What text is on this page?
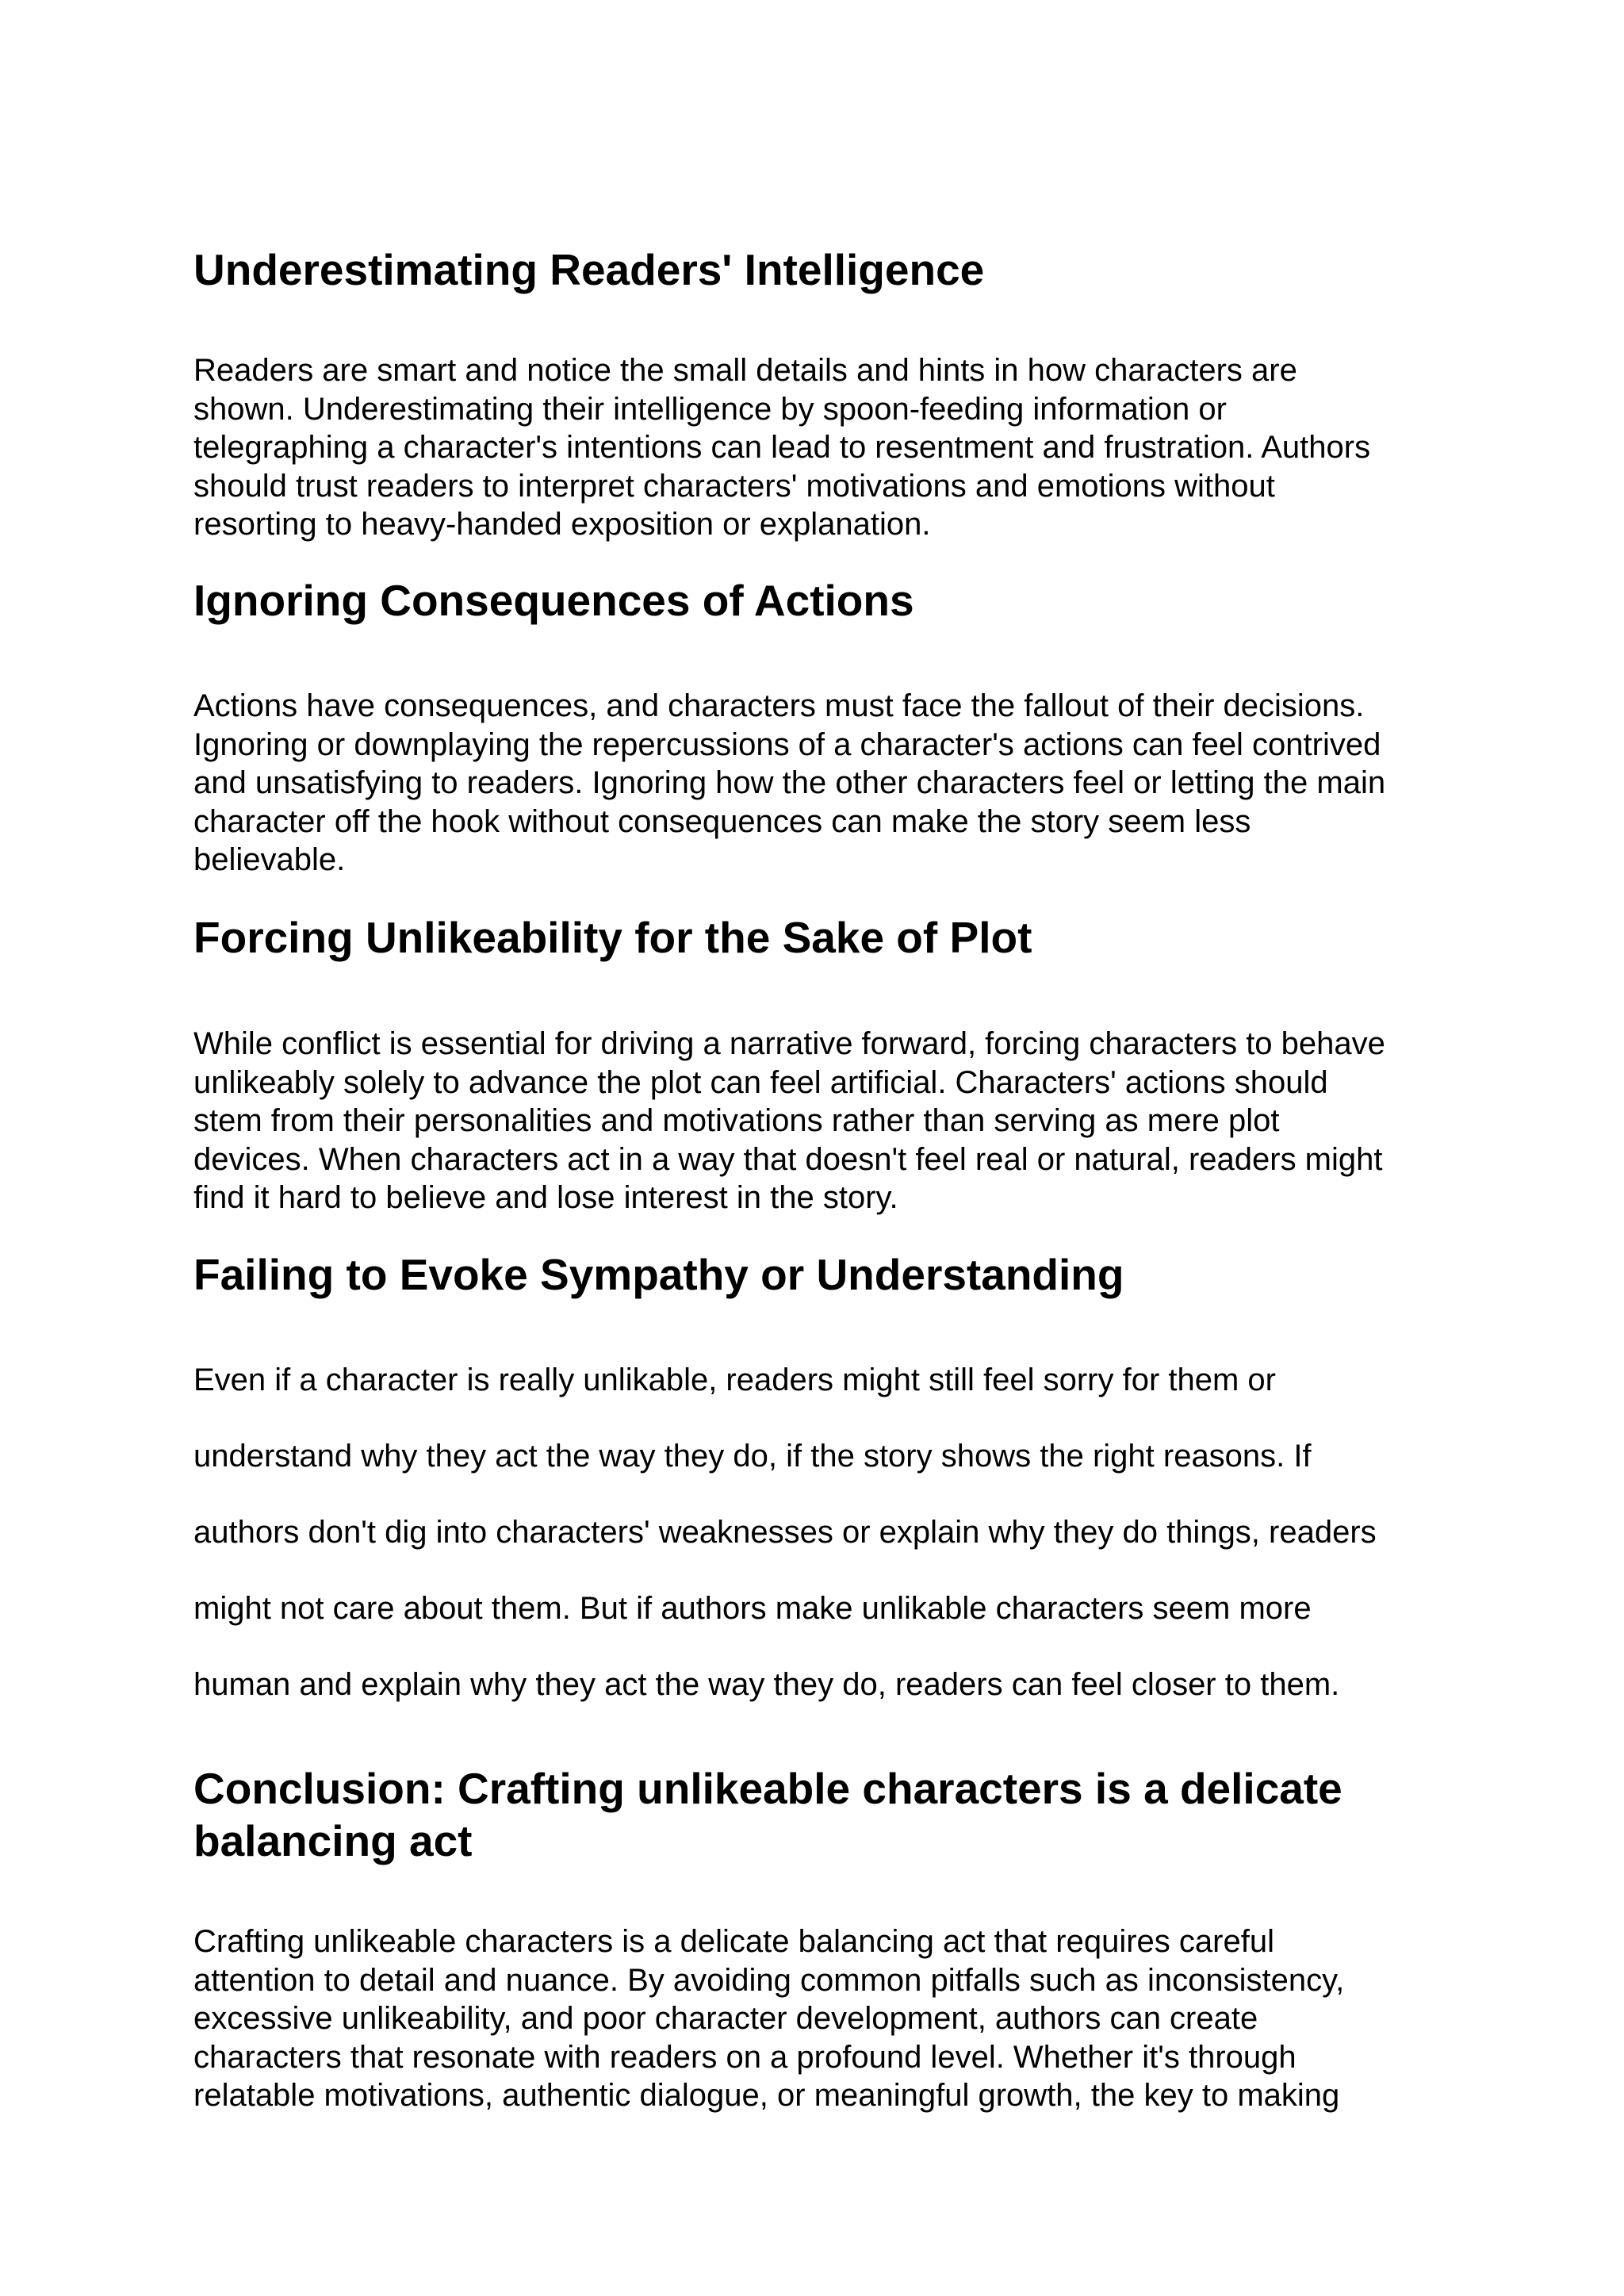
Underestimating Readers' Intelligence

Readers are smart and notice the small details and hints in how characters are
shown. Underestimating their intelligence by spoon-feeding information or
telegraphing a character's intentions can lead to resentment and frustration. Authors
should trust readers to interpret characters' motivations and emotions without
resorting to heavy-handed exposition or explanation.

Ignoring Consequences of Actions

Actions have consequences, and characters must face the fallout of their decisions.
Ignoring or downplaying the repercussions of a character's actions can feel contrived
and unsatisfying to readers. Ignoring how the other characters feel or letting the main
character off the hook without consequences can make the story seem less
believable.

Forcing Unlikeability for the Sake of Plot

While conflict is essential for driving a narrative forward, forcing characters to behave
unlikeably solely to advance the plot can feel artificial. Characters' actions should
stem from their personalities and motivations rather than serving as mere plot
devices. When characters act in a way that doesn't feel real or natural, readers might
find it hard to believe and lose interest in the story.

Failing to Evoke Sympathy or Understanding

Even if a character is really unlikable, readers might still feel sorry for them or
understand why they act the way they do, if the story shows the right reasons. If
authors don't dig into characters' weaknesses or explain why they do things, readers
might not care about them. But if authors make unlikable characters seem more
human and explain why they act the way they do, readers can feel closer to them.

Conclusion: Crafting unlikeable characters is a delicate
balancing act

Crafting unlikeable characters is a delicate balancing act that requires careful
attention to detail and nuance. By avoiding common pitfalls such as inconsistency,
excessive unlikeability, and poor character development, authors can create
characters that resonate with readers on a profound level. Whether it's through
relatable motivations, authentic dialogue, or meaningful growth, the key to making
